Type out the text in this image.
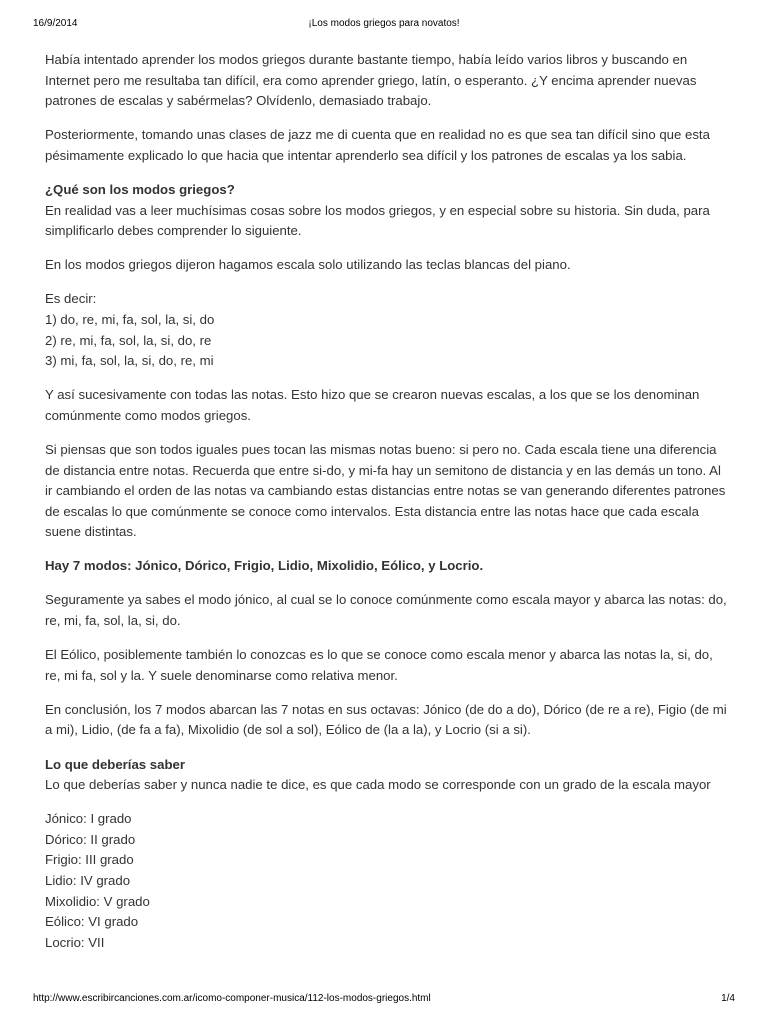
16/9/2014	¡Los modos griegos para novatos!

Había intentado aprender los modos griegos durante bastante tiempo, había leído varios libros y buscando en Internet pero me resultaba tan difícil, era como aprender griego, latín, o esperanto. ¿Y encima aprender nuevas patrones de escalas y sabérmelas? Olvídenlo, demasiado trabajo.

Posteriormente, tomando unas clases de jazz me di cuenta que en realidad no es que sea tan difícil sino que esta pésimamente explicado lo que hacia que intentar aprenderlo sea difícil y los patrones de escalas ya los sabia.

¿Qué son los modos griegos?
En realidad vas a leer muchísimas cosas sobre los modos griegos, y en especial sobre su historia. Sin duda, para simplificarlo debes comprender lo siguiente.

En los modos griegos dijeron hagamos escala solo utilizando las teclas blancas del piano.

Es decir:
1) do, re, mi, fa, sol, la, si, do
2) re, mi, fa, sol, la, si, do, re
3) mi, fa, sol, la, si, do, re, mi

Y así sucesivamente con todas las notas. Esto hizo que se crearon nuevas escalas, a los que se los denominan comúnmente como modos griegos.

Si piensas que son todos iguales pues tocan las mismas notas bueno: si pero no. Cada escala tiene una diferencia de distancia entre notas. Recuerda que entre si-do, y mi-fa hay un semitono de distancia y en las demás un tono. Al ir cambiando el orden de las notas va cambiando estas distancias entre notas se van generando diferentes patrones de escalas lo que comúnmente se conoce como intervalos. Esta distancia entre las notas hace que cada escala suene distintas.

Hay 7 modos: Jónico, Dórico, Frigio, Lidio, Mixolidio, Eólico, y Locrio.

Seguramente ya sabes el modo jónico, al cual se lo conoce comúnmente como escala mayor y abarca las notas: do, re, mi, fa, sol, la, si, do.

El Eólico, posiblemente también lo conozcas es lo que se conoce como escala menor y abarca las notas la, si, do, re, mi fa, sol y la. Y suele denominarse como relativa menor.

En conclusión, los 7 modos abarcan las 7 notas en sus octavas: Jónico (de do a do), Dórico (de re a re), Figio (de mi a mi), Lidio, (de fa a fa), Mixolidio (de sol a sol), Eólico de (la a la), y Locrio (si a si).

Lo que deberías saber
Lo que deberías saber y nunca nadie te dice, es que cada modo se corresponde con un grado de la escala mayor

Jónico: I grado
Dórico: II grado
Frigio: III grado
Lidio: IV grado
Mixolidio: V grado
Eólico: VI grado
Locrio: VII

http://www.escribircanciones.com.ar/icomo-componer-musica/112-los-modos-griegos.html	1/4
